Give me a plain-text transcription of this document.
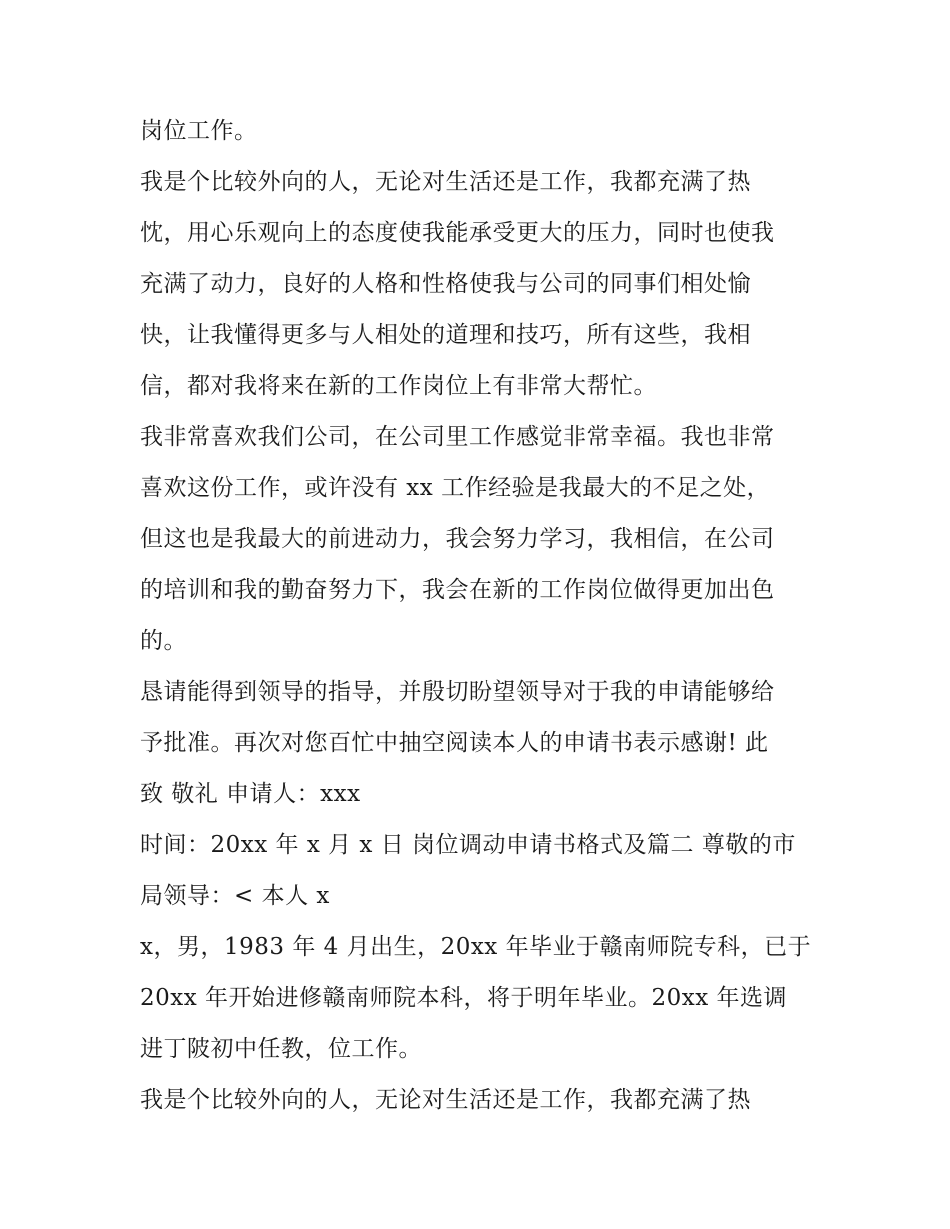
岗位工作。
我是个比较外向的人，无论对生活还是工作，我都充满了热
忱，用心乐观向上的态度使我能承受更大的压力，同时也使我
充满了动力，良好的人格和性格使我与公司的同事们相处愉
快，让我懂得更多与人相处的道理和技巧，所有这些，我相
信，都对我将来在新的工作岗位上有非常大帮忙。
我非常喜欢我们公司，在公司里工作感觉非常幸福。我也非常
喜欢这份工作，或许没有 xx 工作经验是我最大的不足之处，
但这也是我最大的前进动力，我会努力学习，我相信，在公司
的培训和我的勤奋努力下，我会在新的工作岗位做得更加出色
的。
恳请能得到领导的指导，并殷切盼望领导对于我的申请能够给
予批准。再次对您百忙中抽空阅读本人的申请书表示感谢! 此
致 敬礼 申请人：xxx
时间：20xx 年 x 月 x 日 岗位调动申请书格式及篇二 尊敬的市
局领导：< 本人 x
x，男，1983 年 4 月出生，20xx 年毕业于赣南师院专科，已于
20xx 年开始进修赣南师院本科，将于明年毕业。20xx 年选调
进丁陂初中任教，位工作。
我是个比较外向的人，无论对生活还是工作，我都充满了热
